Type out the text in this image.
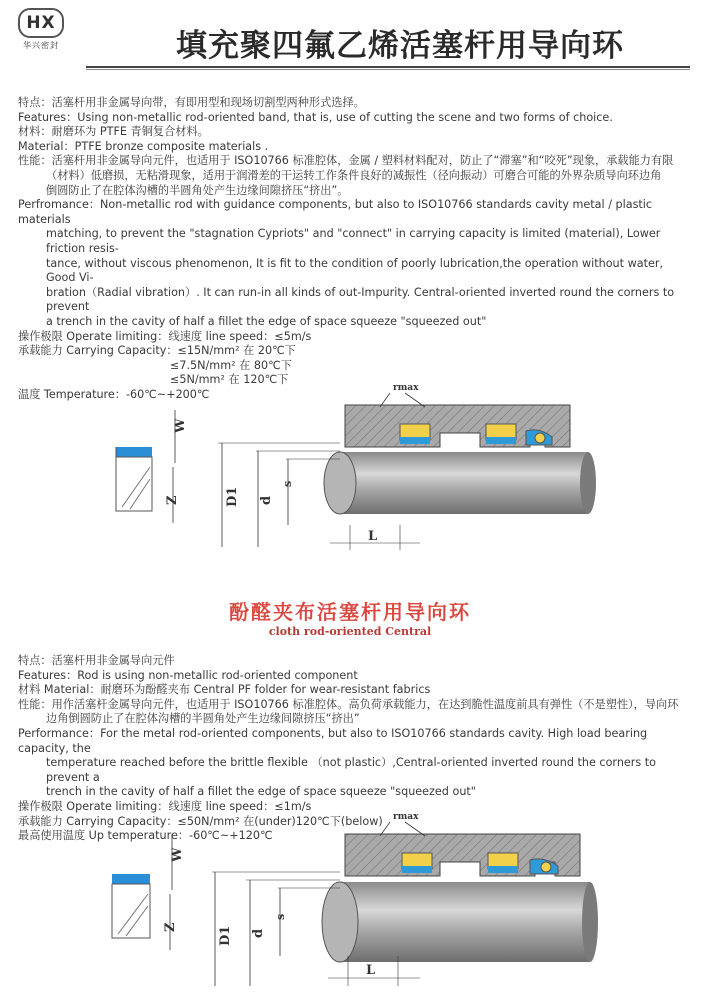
HX
华兴密封	填充聚四氟乙烯活塞杆用导向环

特点：活塞杆用非金属导向带，有即用型和现场切割型两种形式选择。

Features：Using non-metallic rod-oriented band, that is, use of cutting the scene and two forms of choice.

材料：耐磨环为 PTFE 青铜复合材料。

Material：PTFE bronze composite materials .

性能：活塞杆用非金属导向元件，也适用于 ISO10766 标准腔体，金属 / 塑料材料配对，防止了“滞塞”和“咬死”现象，承载能力有限

（材料）低磨损，无粘滑现象，适用于润滑差的干运转工作条件良好的减振性（径向振动）可磨合可能的外界杂质导向环边角

倒圆防止了在腔体沟槽的半圆角处产生边缘间隙挤压“挤出”。

Perfromance：Non-metallic rod with guidance components, but also to ISO10766 standards cavity metal / plastic materials

matching, to prevent the "stagnation Cypriots" and "connect" in carrying capacity is limited (material), Lower friction resis-

tance, without viscous phenomenon, It is fit to the condition of poorly lubrication,the operation without water, Good Vi-

bration（Radial vibration）. It can run-in all kinds of out-Impurity. Central-oriented inverted round the corners to prevent

a trench in the cavity of half a fillet the edge of space squeeze "squeezed out"

操作极限 Operate limiting：线速度 line speed：≤5m/s

承载能力 Carrying Capacity：≤15N/mm² 在 20℃下

≤7.5N/mm² 在 80℃下

≤5N/mm² 在 120℃下

温度 Temperature：-60℃~+200℃

W
Z
rmax
D1 d
s
L
酚醛夹布活塞杆用导向环
cloth rod-oriented Central

特点：活塞杆用非金属导向元件

Features：Rod is using non-metallic rod-oriented component

材料 Material：耐磨环为酚醛夹布 Central PF folder for wear-resistant fabrics

性能：用作活塞杆金属导向元件，也适用于 ISO10766 标准腔体。高负荷承载能力，在达到脆性温度前具有弹性（不是塑性），导向环

边角倒圆防止了在腔体沟槽的半圆角处产生边缘间隙挤压“挤出”

Performance：For the metal rod-oriented components, but also to ISO10766 standards cavity. High load bearing capacity, the

temperature reached before the brittle flexible （not plastic）,Central-oriented inverted round the corners to prevent a

trench in the cavity of half a fillet the edge of space squeeze "squeezed out"

操作极限 Operate limiting：线速度 line speed：≤1m/s

承载能力 Carrying Capacity：≤50N/mm² 在(under)120℃下(below)

最高使用温度 Up temperature：-60℃~+120℃

W
Z
rmax
D1 d
s
L
